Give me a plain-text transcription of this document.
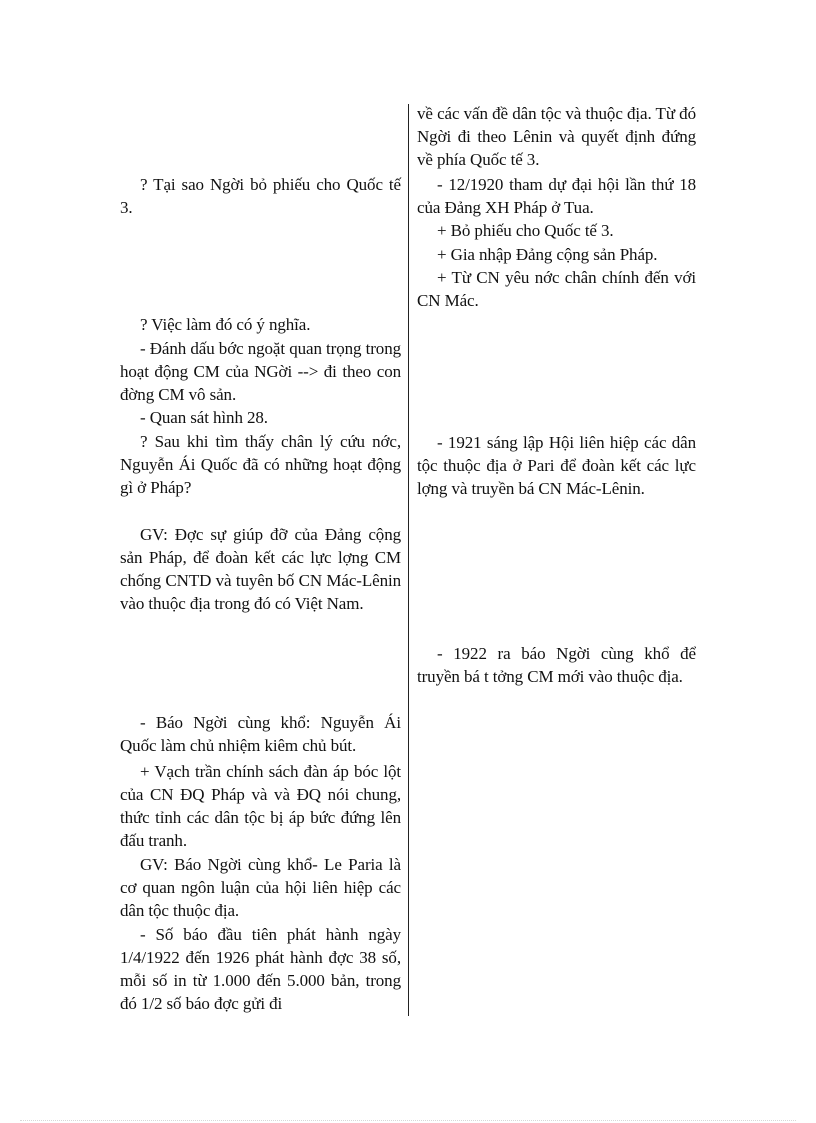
? Tại sao Ngời bỏ phiếu cho Quốc tế 3.

? Việc làm đó có ý nghĩa.

- Đánh dấu bớc ngoặt quan trọng trong hoạt động CM của NGời --> đi theo con đờng CM vô sản.

- Quan sát hình 28.

? Sau khi tìm thấy chân lý cứu nớc, Nguyễn Ái Quốc đã có những hoạt động gì ở Pháp?

GV: Đợc sự giúp đỡ của Đảng cộng sản Pháp, để đoàn kết các lực lợng CM chống CNTD và tuyên bố CN Mác-Lênin vào thuộc địa trong đó có Việt Nam.

- Báo Ngời cùng khổ: Nguyễn Ái Quốc làm chủ nhiệm kiêm chủ bút.

+ Vạch trần chính sách đàn áp bóc lột của CN ĐQ Pháp và và ĐQ nói chung, thức tỉnh các dân tộc bị áp bức đứng lên đấu tranh.

GV: Báo Ngời cùng khổ- Le Paria là cơ quan ngôn luận của hội liên hiệp các dân tộc thuộc địa.

- Số báo đầu tiên phát hành ngày 1/4/1922 đến 1926 phát hành đợc 38 số, mỗi số in từ 1.000 đến 5.000 bản, trong đó 1/2 số báo đợc gửi đi

về các vấn đề dân tộc và thuộc địa. Từ đó Ngời đi theo Lênin và quyết định đứng về phía Quốc tế 3.

- 12/1920 tham dự đại hội lần thứ 18 của Đảng XH Pháp ở Tua.

+ Bỏ phiếu cho Quốc tế 3.

+ Gia nhập Đảng cộng sản Pháp.

+ Từ CN yêu nớc chân chính đến với CN Mác.

- 1921 sáng lập Hội liên hiệp các dân tộc thuộc địa ở Pari để đoàn kết các lực lợng và truyền bá CN Mác-Lênin.

- 1922 ra báo Ngời cùng khổ để truyền bá t tởng CM mới vào thuộc địa.
